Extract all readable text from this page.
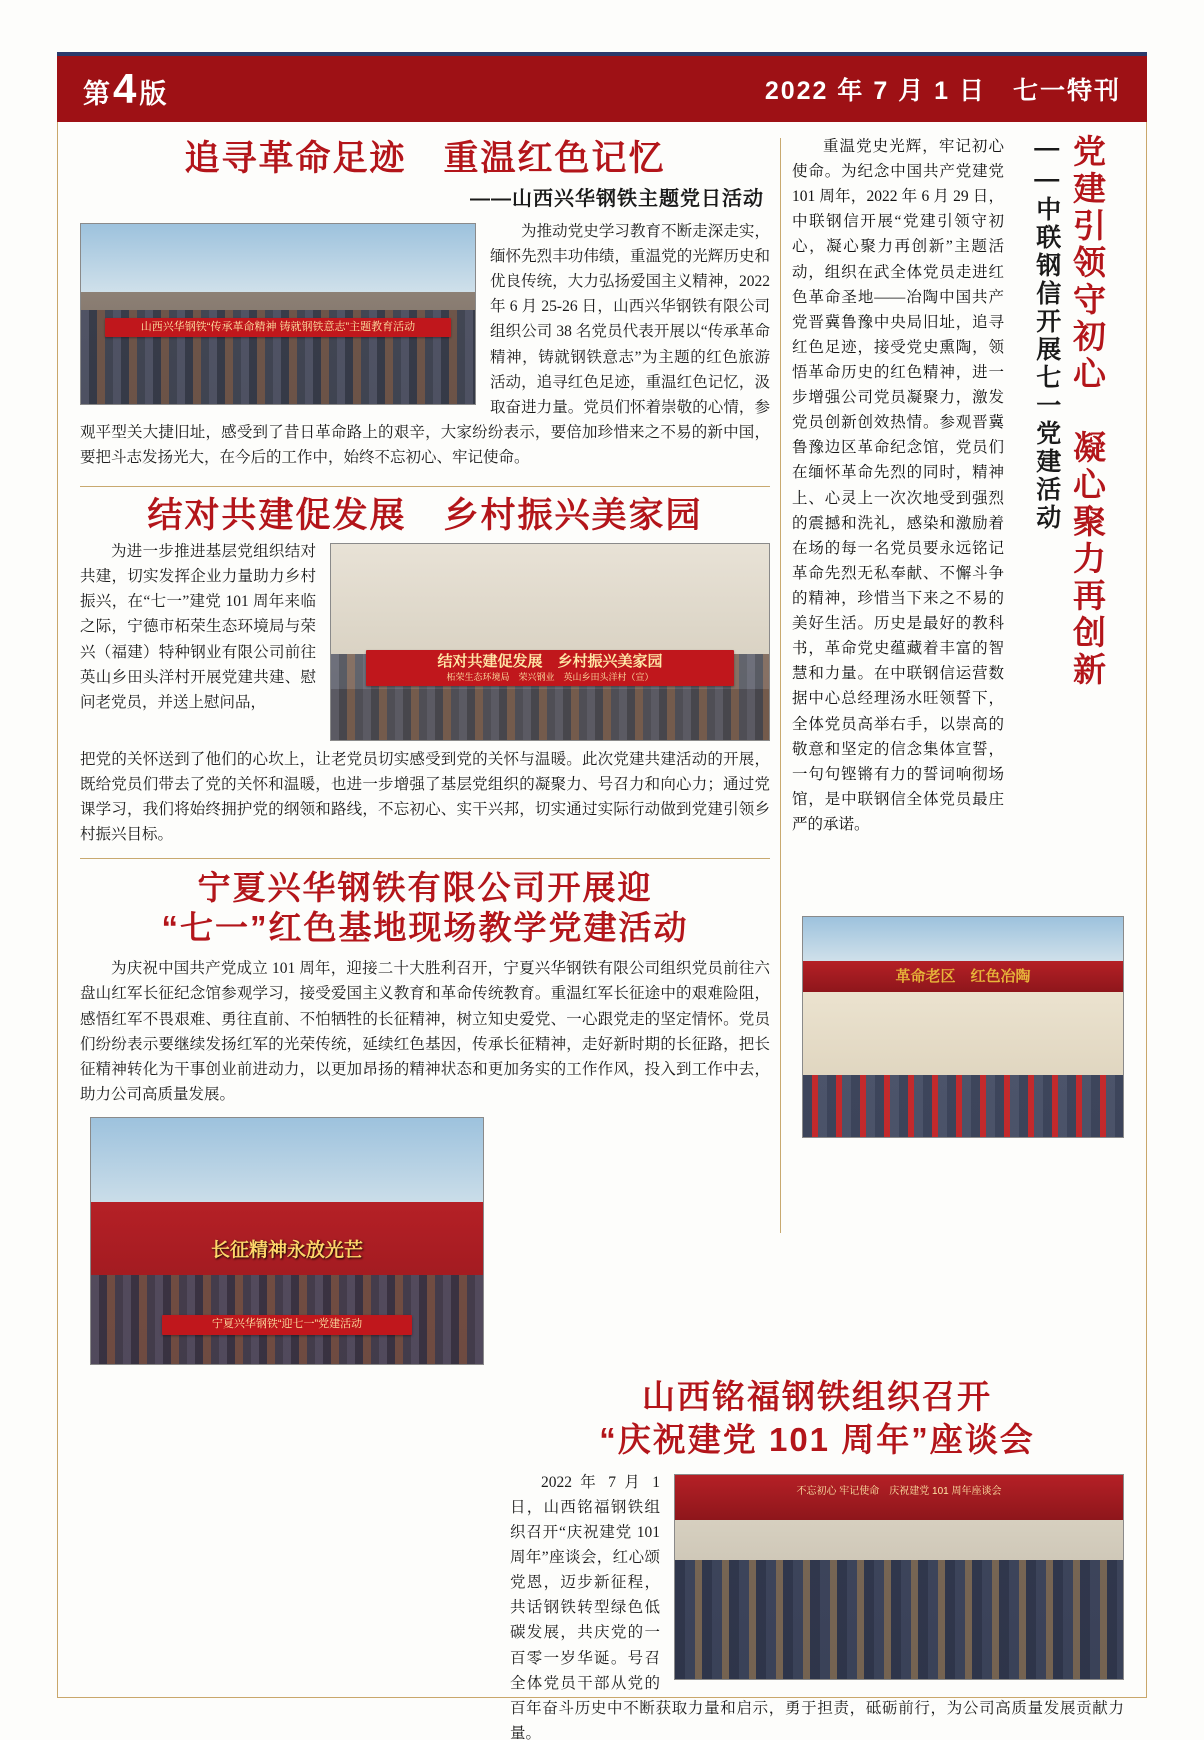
第 4 版	2022 年 7 月 1 日　七一特刊
追寻革命足迹　重温红色记忆
——山西兴华钢铁主题党日活动
山西兴华钢铁“传承革命精神 铸就钢铁意志”主题教育活动

为推动党史学习教育不断走深走实，缅怀先烈丰功伟绩，重温党的光辉历史和优良传统，大力弘扬爱国主义精神，2022 年 6 月 25-26 日，山西兴华钢铁有限公司组织公司 38 名党员代表开展以“传承革命精神，铸就钢铁意志”为主题的红色旅游活动，追寻红色足迹，重温红色记忆，汲取奋进力量。党员们怀着崇敬的心情，参观平型关大捷旧址，感受到了昔日革命路上的艰辛，大家纷纷表示，要倍加珍惜来之不易的新中国，要把斗志发扬光大，在今后的工作中，始终不忘初心、牢记使命。

结对共建促发展　乡村振兴美家园
结对共建促发展　乡村振兴美家园
柘荣生态环境局　荣兴钢业　英山乡田头洋村（宣）

为进一步推进基层党组织结对共建，切实发挥企业力量助力乡村振兴，在“七一”建党 101 周年来临之际，宁德市柘荣生态环境局与荣兴（福建）特种钢业有限公司前往英山乡田头洋村开展党建共建、慰问老党员，并送上慰问品，

把党的关怀送到了他们的心坎上，让老党员切实感受到党的关怀与温暖。此次党建共建活动的开展，既给党员们带去了党的关怀和温暖，也进一步增强了基层党组织的凝聚力、号召力和向心力；通过党课学习，我们将始终拥护党的纲领和路线，不忘初心、实干兴邦，切实通过实际行动做到党建引领乡村振兴目标。

宁夏兴华钢铁有限公司开展迎
“七一”红色基地现场教学党建活动

为庆祝中国共产党成立 101 周年，迎接二十大胜利召开，宁夏兴华钢铁有限公司组织党员前往六盘山红军长征纪念馆参观学习，接受爱国主义教育和革命传统教育。重温红军长征途中的艰难险阻，感悟红军不畏艰难、勇往直前、不怕牺牲的长征精神，树立知史爱党、一心跟党走的坚定情怀。党员们纷纷表示要继续发扬红军的光荣传统，延续红色基因，传承长征精神，走好新时期的长征路，把长征精神转化为干事创业前进动力，以更加昂扬的精神状态和更加务实的工作作风，投入到工作中去，助力公司高质量发展。

长征精神永放光芒
宁夏兴华钢铁“迎七一”党建活动
党建引领守初心　凝心聚力再创新
——中联钢信开展七一党建活动

重温党史光辉，牢记初心使命。为纪念中国共产党建党 101 周年，2022 年 6 月 29 日，中联钢信开展“党建引领守初心，凝心聚力再创新”主题活动，组织在武全体党员走进红色革命圣地——冶陶中国共产党晋冀鲁豫中央局旧址，追寻红色足迹，接受党史熏陶，领悟革命历史的红色精神，进一步增强公司党员凝聚力，激发党员创新创效热情。参观晋冀鲁豫边区革命纪念馆，党员们在缅怀革命先烈的同时，精神上、心灵上一次次地受到强烈的震撼和洗礼，感染和激励着在场的每一名党员要永远铭记革命先烈无私奉献、不懈斗争的精神，珍惜当下来之不易的美好生活。历史是最好的教科书，革命党史蕴藏着丰富的智慧和力量。在中联钢信运营数据中心总经理汤水旺领誓下，全体党员高举右手，以崇高的敬意和坚定的信念集体宣誓，一句句铿锵有力的誓词响彻场馆，是中联钢信全体党员最庄严的承诺。

革命老区　红色冶陶
山西铭福钢铁组织召开
“庆祝建党 101 周年”座谈会
不忘初心 牢记使命　庆祝建党 101 周年座谈会

2022 年 7 月 1 日，山西铭福钢铁组织召开“庆祝建党 101 周年”座谈会，红心颂党恩，迈步新征程，共话钢铁转型绿色低碳发展，共庆党的一百零一岁华诞。号召全体党员干部从党的百年奋斗历史中不断获取力量和启示，勇于担责，砥砺前行，为公司高质量发展贡献力量。
